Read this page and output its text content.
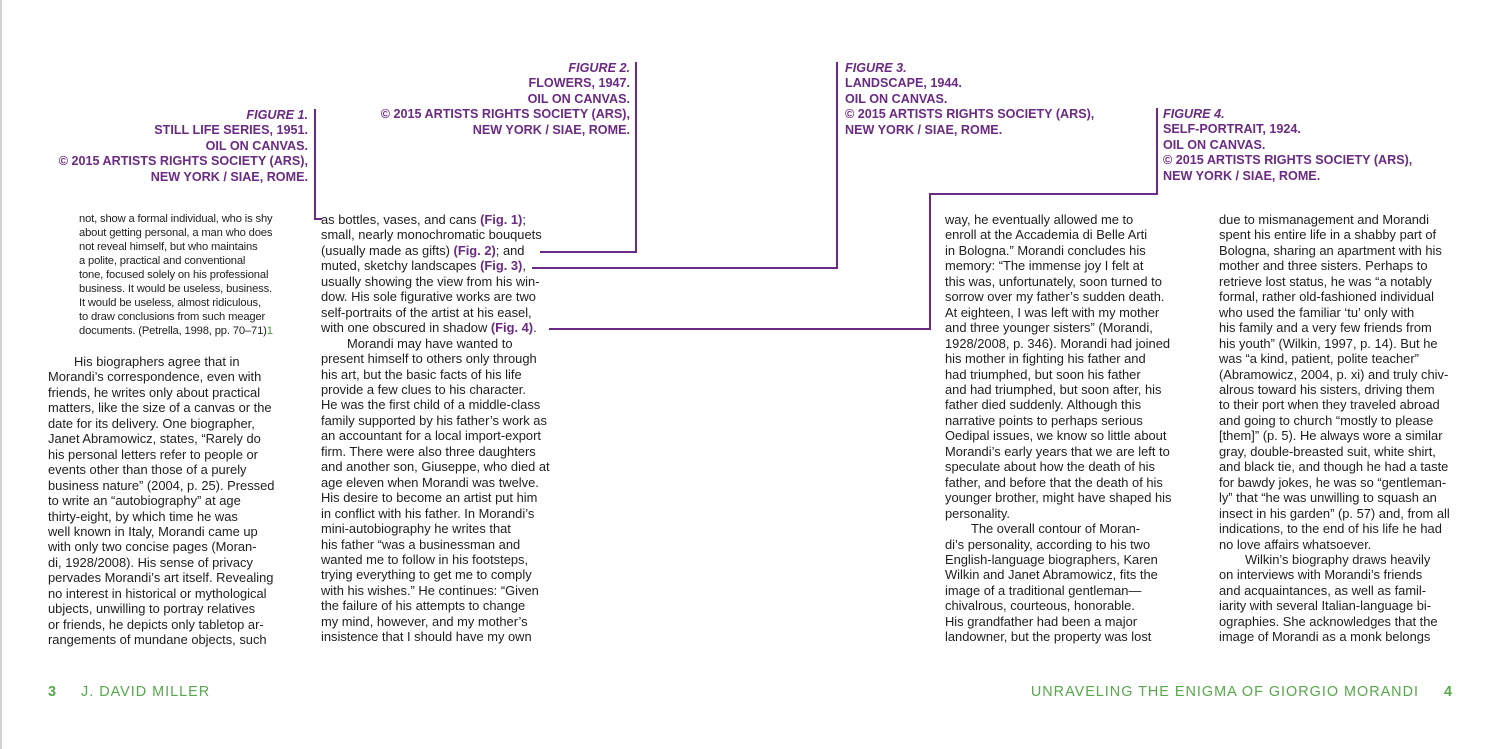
FIGURE 1.
STILL LIFE SERIES, 1951.
OIL ON CANVAS.
© 2015 ARTISTS RIGHTS SOCIETY (ARS),
NEW YORK / SIAE, ROME.
FIGURE 2.
FLOWERS, 1947.
OIL ON CANVAS.
© 2015 ARTISTS RIGHTS SOCIETY (ARS),
NEW YORK / SIAE, ROME.
FIGURE 3.
LANDSCAPE, 1944.
OIL ON CANVAS.
© 2015 ARTISTS RIGHTS SOCIETY (ARS),
NEW YORK / SIAE, ROME.
FIGURE 4.
SELF-PORTRAIT, 1924.
OIL ON CANVAS.
© 2015 ARTISTS RIGHTS SOCIETY (ARS),
NEW YORK / SIAE, ROME.
not, show a formal individual, who is shy
about getting personal, a man who does
not reveal himself, but who maintains
a polite, practical and conventional
tone, focused solely on his professional
business. It would be useless, business.
It would be useless, almost ridiculous,
to draw conclusions from such meager
documents. (Petrella, 1998, pp. 70–71)1
His biographers agree that in
Morandi’s correspondence, even with
friends, he writes only about practical
matters, like the size of a canvas or the
date for its delivery. One biographer,
Janet Abramowicz, states, “Rarely do
his personal letters refer to people or
events other than those of a purely
business nature” (2004, p. 25). Pressed
to write an “autobiography” at age
thirty-eight, by which time he was
well known in Italy, Morandi came up
with only two concise pages (Moran-
di, 1928/2008). His sense of privacy
pervades Morandi’s art itself. Revealing
no interest in historical or mythological
ubjects, unwilling to portray relatives
or friends, he depicts only tabletop ar-
rangements of mundane objects, such
as bottles, vases, and cans (Fig. 1);
small, nearly monochromatic bouquets
(usually made as gifts) (Fig. 2); and
muted, sketchy landscapes (Fig. 3),
usually showing the view from his win-
dow. His sole figurative works are two
self-portraits of the artist at his easel,
with one obscured in shadow (Fig. 4).
Morandi may have wanted to
present himself to others only through
his art, but the basic facts of his life
provide a few clues to his character.
He was the first child of a middle-class
family supported by his father’s work as
an accountant for a local import-export
firm. There were also three daughters
and another son, Giuseppe, who died at
age eleven when Morandi was twelve.
His desire to become an artist put him
in conflict with his father. In Morandi’s
mini-autobiography he writes that
his father “was a businessman and
wanted me to follow in his footsteps,
trying everything to get me to comply
with his wishes.” He continues: “Given
the failure of his attempts to change
my mind, however, and my mother’s
insistence that I should have my own
way, he eventually allowed me to
enroll at the Accademia di Belle Arti
in Bologna.” Morandi concludes his
memory: “The immense joy I felt at
this was, unfortunately, soon turned to
sorrow over my father’s sudden death.
At eighteen, I was left with my mother
and three younger sisters” (Morandi,
1928/2008, p. 346). Morandi had joined
his mother in fighting his father and
had triumphed, but soon his father
and had triumphed, but soon after, his
father died suddenly. Although this
narrative points to perhaps serious
Oedipal issues, we know so little about
Morandi’s early years that we are left to
speculate about how the death of his
father, and before that the death of his
younger brother, might have shaped his
personality.
The overall contour of Moran-
di’s personality, according to his two
English-language biographers, Karen
Wilkin and Janet Abramowicz, fits the
image of a traditional gentleman—
chivalrous, courteous, honorable.
His grandfather had been a major
landowner, but the property was lost
due to mismanagement and Morandi
spent his entire life in a shabby part of
Bologna, sharing an apartment with his
mother and three sisters. Perhaps to
retrieve lost status, he was “a notably
formal, rather old-fashioned individual
who used the familiar ‘tu’ only with
his family and a very few friends from
his youth” (Wilkin, 1997, p. 14). But he
was “a kind, patient, polite teacher”
(Abramowicz, 2004, p. xi) and truly chiv-
alrous toward his sisters, driving them
to their port when they traveled abroad
and going to church “mostly to please
[them]” (p. 5). He always wore a similar
gray, double-breasted suit, white shirt,
and black tie, and though he had a taste
for bawdy jokes, he was so “gentleman-
ly” that “he was unwilling to squash an
insect in his garden” (p. 57) and, from all
indications, to the end of his life he had
no love affairs whatsoever.
Wilkin’s biography draws heavily
on interviews with Morandi’s friends
and acquaintances, as well as famil-
iarity with several Italian-language bi-
ographies. She acknowledges that the
image of Morandi as a monk belongs
3 J. DAVID MILLER	UNRAVELING THE ENIGMA OF GIORGIO MORANDI 4
